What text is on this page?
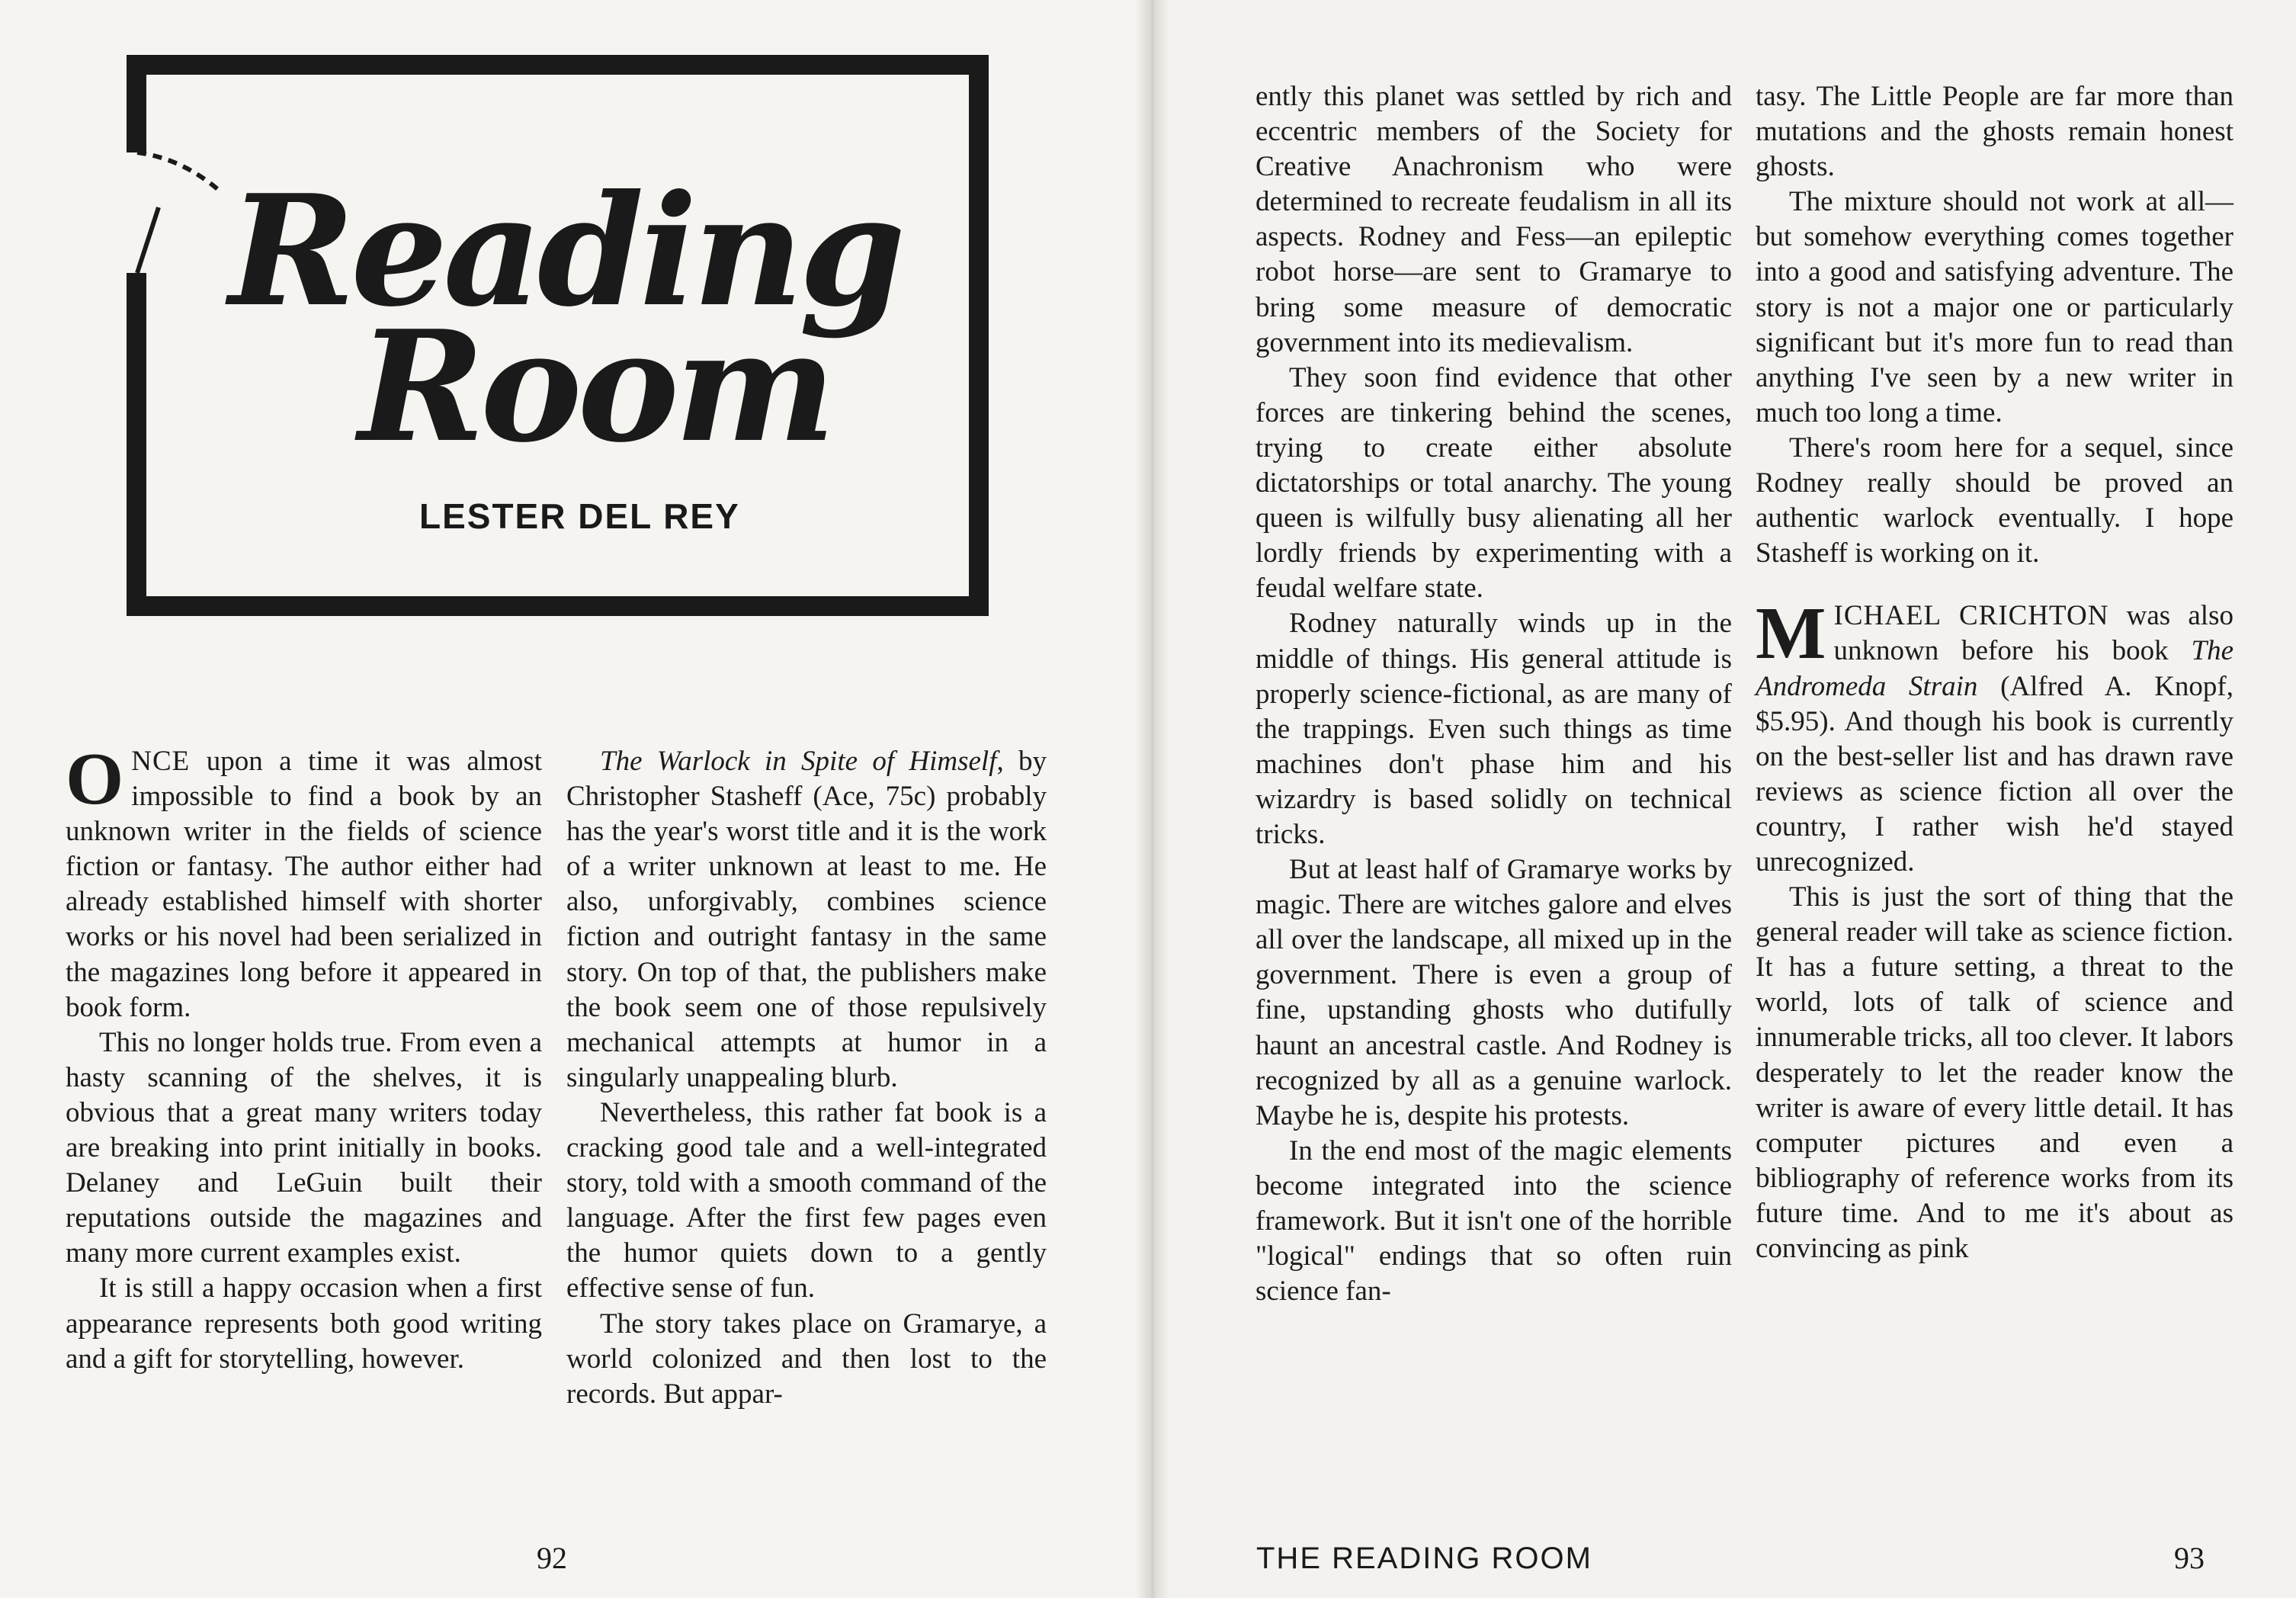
Reading
Room
LESTER DEL REY

ONCE upon a time it was almost impossible to find a book by an unknown writer in the fields of science fiction or fantasy. The author either had already established himself with shorter works or his novel had been serialized in the magazines long before it appeared in book form.

This no longer holds true. From even a hasty scanning of the shelves, it is obvious that a great many writers today are breaking into print initially in books. Delaney and LeGuin built their reputations outside the magazines and many more current examples exist.

It is still a happy occasion when a first appearance represents both good writing and a gift for storytelling, however.

The Warlock in Spite of Himself, by Christopher Stasheff (Ace, 75c) probably has the year's worst title and it is the work of a writer unknown at least to me. He also, unforgivably, combines science fiction and outright fantasy in the same story. On top of that, the publishers make the book seem one of those repulsively mechanical attempts at humor in a singularly unappealing blurb.

Nevertheless, this rather fat book is a cracking good tale and a well-integrated story, told with a smooth command of the language. After the first few pages even the humor quiets down to a gently effective sense of fun.

The story takes place on Gramarye, a world colonized and then lost to the records. But appar-

92

ently this planet was settled by rich and eccentric members of the Society for Creative Anachronism who were determined to recreate feudalism in all its aspects. Rodney and Fess—an epileptic robot horse—are sent to Gramarye to bring some measure of democratic government into its medievalism.

They soon find evidence that other forces are tinkering behind the scenes, trying to create either absolute dictatorships or total anarchy. The young queen is wilfully busy alienating all her lordly friends by experimenting with a feudal welfare state.

Rodney naturally winds up in the middle of things. His general attitude is properly science-fictional, as are many of the trappings. Even such things as time machines don't phase him and his wizardry is based solidly on technical tricks.

But at least half of Gramarye works by magic. There are witches galore and elves all over the landscape, all mixed up in the government. There is even a group of fine, upstanding ghosts who dutifully haunt an ancestral castle. And Rodney is recognized by all as a genuine warlock. Maybe he is, despite his protests.

In the end most of the magic elements become integrated into the science framework. But it isn't one of the horrible "logical" endings that so often ruin science fan-

tasy. The Little People are far more than mutations and the ghosts remain honest ghosts.

The mixture should not work at all—but somehow everything comes together into a good and satisfying adventure. The story is not a major one or particularly significant but it's more fun to read than anything I've seen by a new writer in much too long a time.

There's room here for a sequel, since Rodney really should be proved an authentic warlock eventually. I hope Stasheff is working on it.

MICHAEL CRICHTON was also unknown before his book The Andromeda Strain (Alfred A. Knopf, $5.95). And though his book is currently on the best-seller list and has drawn rave reviews as science fiction all over the country, I rather wish he'd stayed unrecognized.

This is just the sort of thing that the general reader will take as science fiction. It has a future setting, a threat to the world, lots of talk of science and innumerable tricks, all too clever. It labors desperately to let the reader know the writer is aware of every little detail. It has computer pictures and even a bibliography of reference works from its future time. And to me it's about as convincing as pink

THE READING ROOM	93
